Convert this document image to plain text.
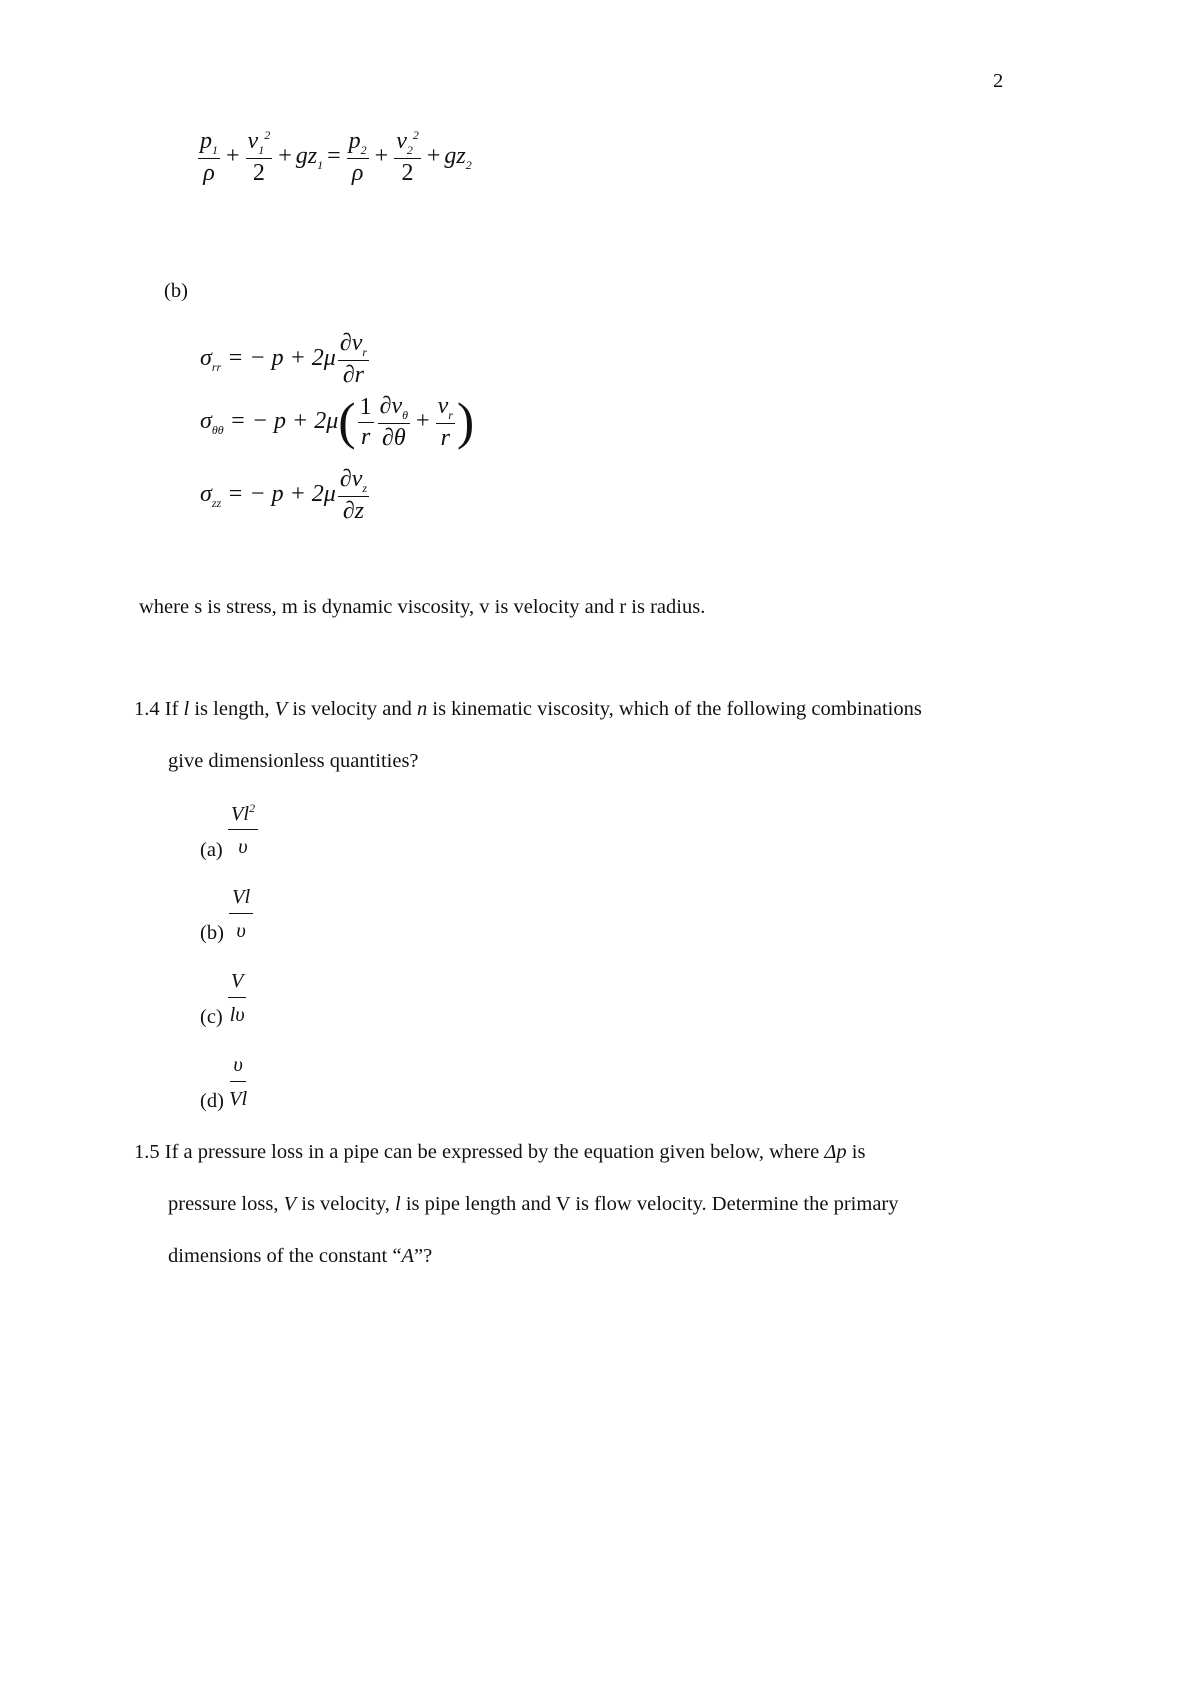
2
$\frac{p_1}{\rho} + \frac{v_1^2}{2} + gz_1 = \frac{p_2}{\rho} + \frac{v_2^2}{2} + gz_2$
(b)
$\sigma_{rr}$ = − $p + 2\mu \frac{\partial v_r}{\partial r}$
$\sigma_{\theta\theta}$ = − $p + 2\mu( \frac{1}{r} \frac{\partial v_\theta}{\partial\theta} + \frac{v_r}{r}$ )
$\sigma_{zz}$ = − $p + 2\mu \frac{\partial v_z}{\partial z}$
where s is stress, m is dynamic viscosity, v is velocity and r is radius.
1.4 If l is length, V is velocity and n is kinematic viscosity, which of the following combinations
give dimensionless quantities?
$(a) \frac{Vl^2}{\upsilon}$
$(b) \frac{Vl}{\upsilon}$
$(c) \frac{V}{l\upsilon}$
$(d) \frac{\upsilon}{Vl}$
1.5 If a pressure loss in a pipe can be expressed by the equation given below, where Δp is
pressure loss, V is velocity, l is pipe length and V is flow velocity. Determine the primary
dimensions of the constant “A”?
